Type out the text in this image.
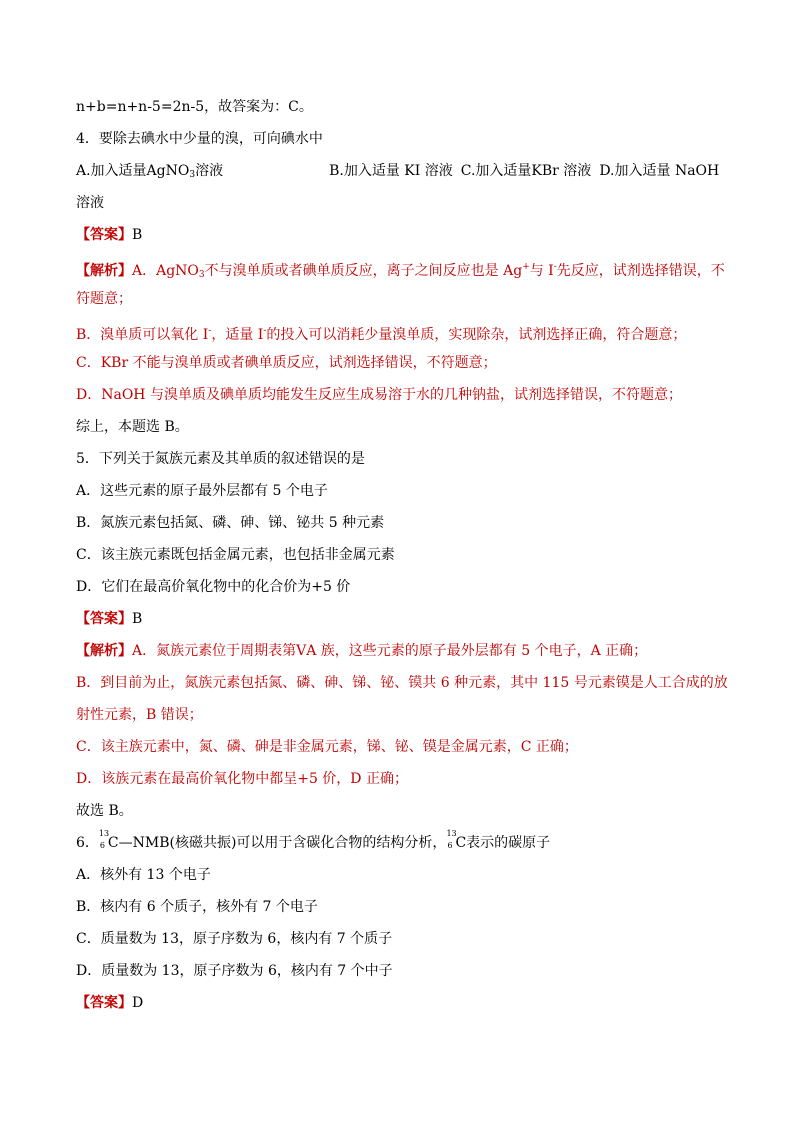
n+b=n+n-5=2n-5，故答案为：C。
4．要除去碘水中少量的溴，可向碘水中
A.加入适量AgNO$_3$溶液	B.加入适量 KI 溶液 C.加入适量KBr 溶液 D.加入适量 NaOH
溶液
【答案】B
【解析】A．AgNO$_3$不与溴单质或者碘单质反应，离子之间反应也是 Ag+与 I-先反应，试剂选择错误，不
符题意；
B．溴单质可以氧化 I-，适量 I-的投入可以消耗少量溴单质，实现除杂，试剂选择正确，符合题意；
C．KBr 不能与溴单质或者碘单质反应，试剂选择错误，不符题意；
D．NaOH 与溴单质及碘单质均能发生反应生成易溶于水的几种钠盐，试剂选择错误，不符题意；
综上，本题选 B。
5．下列关于氮族元素及其单质的叙述错误的是
A．这些元素的原子最外层都有 5 个电子
B．氮族元素包括氮、磷、砷、锑、铋共 5 种元素
C．该主族元素既包括金属元素，也包括非金属元素
D．它们在最高价氧化物中的化合价为+5 价
【答案】B
【解析】A．氮族元素位于周期表第ⅤA 族，这些元素的原子最外层都有 5 个电子，A 正确；
B．到目前为止，氮族元素包括氮、磷、砷、锑、铋、镆共 6 种元素，其中 115 号元素镆是人工合成的放
射性元素，B 错误；
C．该主族元素中，氮、磷、砷是非金属元素，锑、铋、镆是金属元素，C 正确；
D．该族元素在最高价氧化物中都呈+5 价，D 正确；
故选 B。
6．
13
6 C—NMB(核磁共振)可以用于含碳化合物的结构分析，
13
6 C表示的碳原子
A．核外有 13 个电子
B．核内有 6 个质子，核外有 7 个电子
C．质量数为 13，原子序数为 6，核内有 7 个质子
D．质量数为 13，原子序数为 6，核内有 7 个中子
【答案】D
